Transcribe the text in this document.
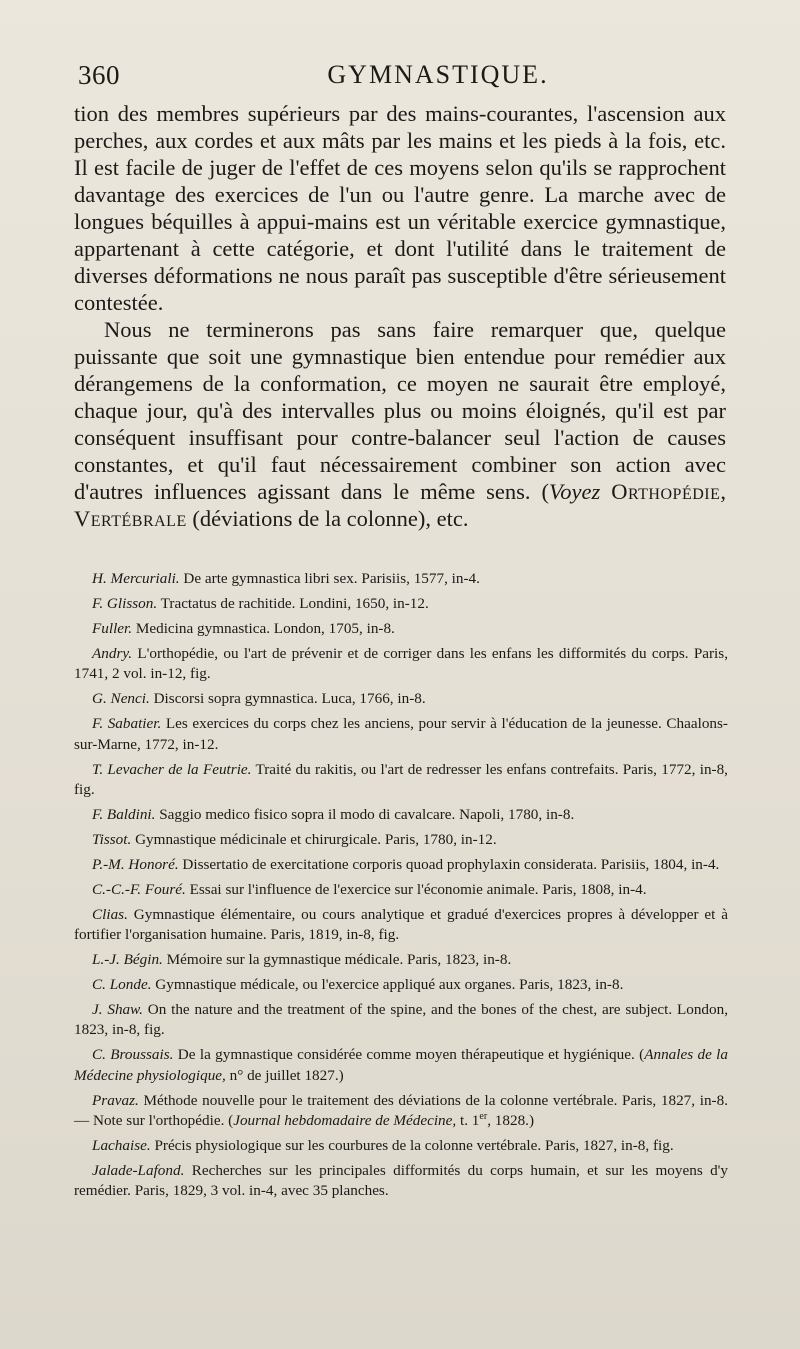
360	GYMNASTIQUE.

tion des membres supérieurs par des mains-courantes, l'ascension aux perches, aux cordes et aux mâts par les mains et les pieds à la fois, etc. Il est facile de juger de l'effet de ces moyens selon qu'ils se rapprochent davantage des exercices de l'un ou l'autre genre. La marche avec de longues béquilles à appui-mains est un véritable exercice gymnastique, appartenant à cette catégorie, et dont l'utilité dans le traitement de diverses déformations ne nous paraît pas susceptible d'être sérieusement contestée.

Nous ne terminerons pas sans faire remarquer que, quelque puissante que soit une gymnastique bien entendue pour remédier aux dérangemens de la conformation, ce moyen ne saurait être employé, chaque jour, qu'à des intervalles plus ou moins éloignés, qu'il est par conséquent insuffisant pour contre-balancer seul l'action de causes constantes, et qu'il faut nécessairement combiner son action avec d'autres influences agissant dans le même sens. (Voyez Orthopédie, Vertébrale (déviations de la colonne), etc.

H. Mercuriali. De arte gymnastica libri sex. Parisiis, 1577, in-4.

F. Glisson. Tractatus de rachitide. Londini, 1650, in-12.

Fuller. Medicina gymnastica. London, 1705, in-8.

Andry. L'orthopédie, ou l'art de prévenir et de corriger dans les enfans les difformités du corps. Paris, 1741, 2 vol. in-12, fig.

G. Nenci. Discorsi sopra gymnastica. Luca, 1766, in-8.

F. Sabatier. Les exercices du corps chez les anciens, pour servir à l'éducation de la jeunesse. Chaalons-sur-Marne, 1772, in-12.

T. Levacher de la Feutrie. Traité du rakitis, ou l'art de redresser les enfans contrefaits. Paris, 1772, in-8, fig.

F. Baldini. Saggio medico fisico sopra il modo di cavalcare. Napoli, 1780, in-8.

Tissot. Gymnastique médicinale et chirurgicale. Paris, 1780, in-12.

P.-M. Honoré. Dissertatio de exercitatione corporis quoad prophylaxin considerata. Parisiis, 1804, in-4.

C.-C.-F. Fouré. Essai sur l'influence de l'exercice sur l'économie animale. Paris, 1808, in-4.

Clias. Gymnastique élémentaire, ou cours analytique et gradué d'exercices propres à développer et à fortifier l'organisation humaine. Paris, 1819, in-8, fig.

L.-J. Bégin. Mémoire sur la gymnastique médicale. Paris, 1823, in-8.

C. Londe. Gymnastique médicale, ou l'exercice appliqué aux organes. Paris, 1823, in-8.

J. Shaw. On the nature and the treatment of the spine, and the bones of the chest, are subject. London, 1823, in-8, fig.

C. Broussais. De la gymnastique considérée comme moyen thérapeutique et hygiénique. (Annales de la Médecine physiologique, n° de juillet 1827.)

Pravaz. Méthode nouvelle pour le traitement des déviations de la colonne vertébrale. Paris, 1827, in-8. — Note sur l'orthopédie. (Journal hebdomadaire de Médecine, t. 1er, 1828.)

Lachaise. Précis physiologique sur les courbures de la colonne vertébrale. Paris, 1827, in-8, fig.

Jalade-Lafond. Recherches sur les principales difformités du corps humain, et sur les moyens d'y remédier. Paris, 1829, 3 vol. in-4, avec 35 planches.
